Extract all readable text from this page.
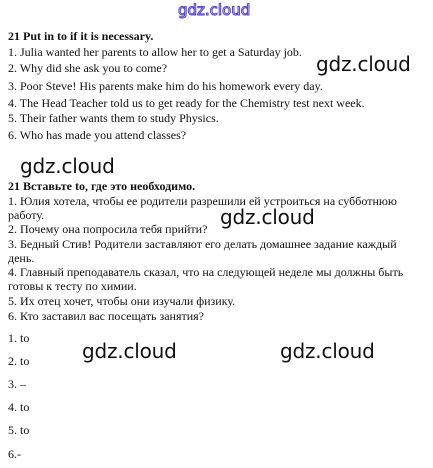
gdz.cloud
21 Put in to if it is necessary.
1. Julia wanted her parents to allow her to get a Saturday job.
2. Why did she ask you to come?
3. Poor Steve! His parents make him do his homework every day.
4. The Head Teacher told us to get ready for the Chemistry test next week.
5. Their father wants them to study Physics.
6. Who has made you attend classes?
gdz.cloud
gdz.cloud
21 Вставьте to, где это необходимо.
1. Юлия хотела, чтобы ее родители разрешили ей устроиться на субботнюю работу.
2. Почему она попросила тебя прийти?
3. Бедный Стив! Родители заставляют его делать домашнее задание каждый день.
4. Главный преподаватель сказал, что на следующей неделе мы должны быть готовы к тесту по химии.
5. Их отец хочет, чтобы они изучали физику.
6. Кто заставил вас посещать занятия?
gdz.cloud
1. to
2. to
3. –
4. to
5. to
6.-
gdz.cloud	gdz.cloud
